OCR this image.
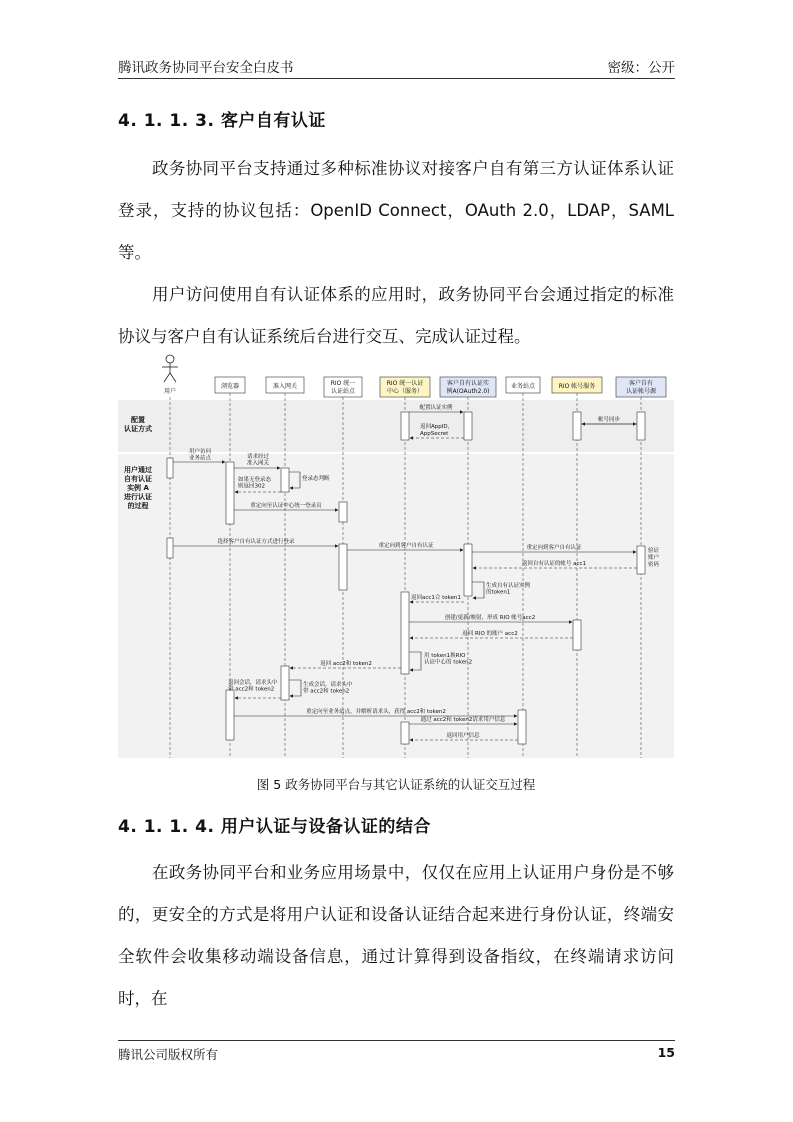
腾讯政务协同平台安全白皮书	密级：公开
4. 1. 1. 3. 客户自有认证

政务协同平台支持通过多种标准协议对接客户自有第三方认证体系认证登录，支持的协议包括：OpenID Connect，OAuth 2.0，LDAP，SAML 等。

用户访问使用自有认证体系的应用时，政务协同平台会通过指定的标准协议与客户自有认证系统后台进行交互、完成认证过程。

用户
浏览器	准入网关	RIO 统一认证站点
RIO 统一认证中心（服务）
客户自有认证实例A(OAuth2.0)
业务站点	RIO 帐号服务	客户自有认证帐号源
配置认证方式
用户通过自有认证实例 A 进行认证的过程
配置认证实例
返回AppID, AppSecret
帐号同步
用户访问业务站点	请求经过准入网关
登录态判断
如果无登录态则返回302
重定向至认证中心统一登录页
选择客户自有认证方式进行登录
重定向到客户自有认证	重定向到客户自有认证	验证账户密码
返回自有认证的帐号 acc1
生成自有认证实例的token1
返回acc1合 token1
创建/更新/映射，形成 RIO 帐号acc2
返回 RIO 的账户 acc2
用 token1换RIO 认证中心的 token2
返回 acc2和 token2
生成会话，请求头中带 acc2和 token2
返回会话，请求头中带 acc2和 token2
重定向至业务站点，并解析请求头，获得 acc2和 token2
通过 acc2和 token2请求用户信息
返回用户信息
图 5 政务协同平台与其它认证系统的认证交互过程
4. 1. 1. 4. 用户认证与设备认证的结合

在政务协同平台和业务应用场景中，仅仅在应用上认证用户身份是不够的，更安全的方式是将用户认证和设备认证结合起来进行身份认证，终端安全软件会收集移动端设备信息，通过计算得到设备指纹，在终端请求访问时，在

腾讯公司版权所有	15
